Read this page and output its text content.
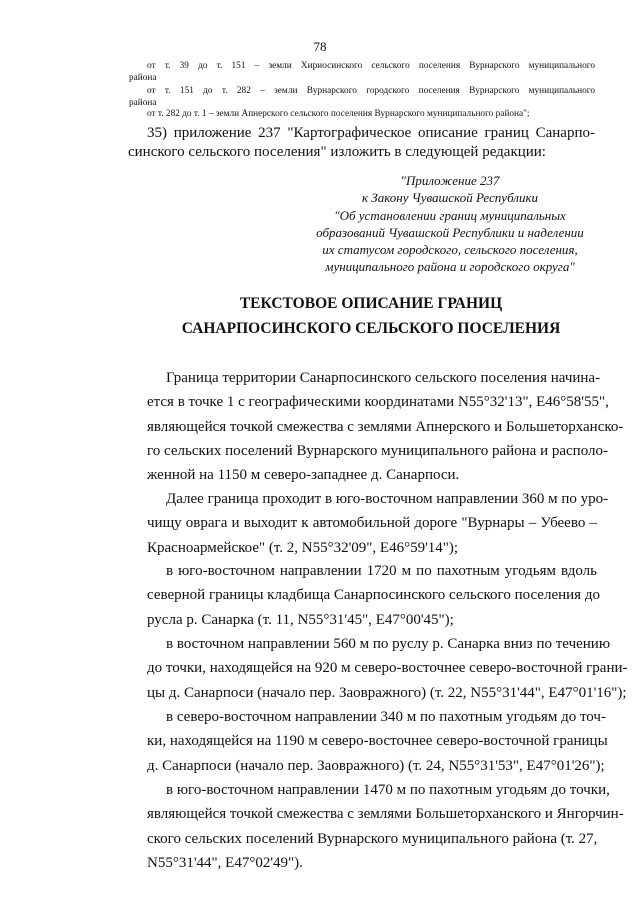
78
от т. 39 до т. 151 – земли Хириосинского сельского поселения Вурнарского муниципального
района
от т. 151 до т. 282 – земли Вурнарского городского поселения Вурнарского муниципального
района
от т. 282 до т. 1 – земли Апнерского сельского поселения Вурнарского муниципального района";
35) приложение 237 "Картографическое описание границ Санарпо-
синского сельского поселения" изложить в следующей редакции:
"Приложение 237
к Закону Чувашской Республики
"Об установлении границ муниципальных
образований Чувашской Республики и наделении
их статусом городского, сельского поселения,
муниципального района и городского округа"
ТЕКСТОВОЕ ОПИСАНИЕ ГРАНИЦ
САНАРПОСИНСКОГО СЕЛЬСКОГО ПОСЕЛЕНИЯ
Граница территории Санарпосинского сельского поселения начина-
ется в точке 1 с географическими координатами N55°32'13", E46°58'55",
являющейся точкой смежества с землями Апнерского и Большеторханско-
го сельских поселений Вурнарского муниципального района и располо-
женной на 1150 м северо-западнее д. Санарпоси.
Далее граница проходит в юго-восточном направлении 360 м по уро-
чищу оврага и выходит к автомобильной дороге "Вурнары – Убеево –
Красноармейское" (т. 2, N55°32'09", E46°59'14");
в юго-восточном направлении 1720 м по пахотным угодьям вдоль
северной границы кладбища Санарпосинского сельского поселения до
русла р. Санарка (т. 11, N55°31'45", E47°00'45");
в восточном направлении 560 м по руслу р. Санарка вниз по течению
до точки, находящейся на 920 м северо-восточнее северо-восточной грани-
цы д. Санарпоси (начало пер. Заовражного) (т. 22, N55°31'44", E47°01'16");
в северо-восточном направлении 340 м по пахотным угодьям до точ-
ки, находящейся на 1190 м северо-восточнее северо-восточной границы
д. Санарпоси (начало пер. Заовражного) (т. 24, N55°31'53", E47°01'26");
в юго-восточном направлении 1470 м по пахотным угодьям до точки,
являющейся точкой смежества с землями Большеторханского и Янгорчин-
ского сельских поселений Вурнарского муниципального района (т. 27,
N55°31'44", E47°02'49").
